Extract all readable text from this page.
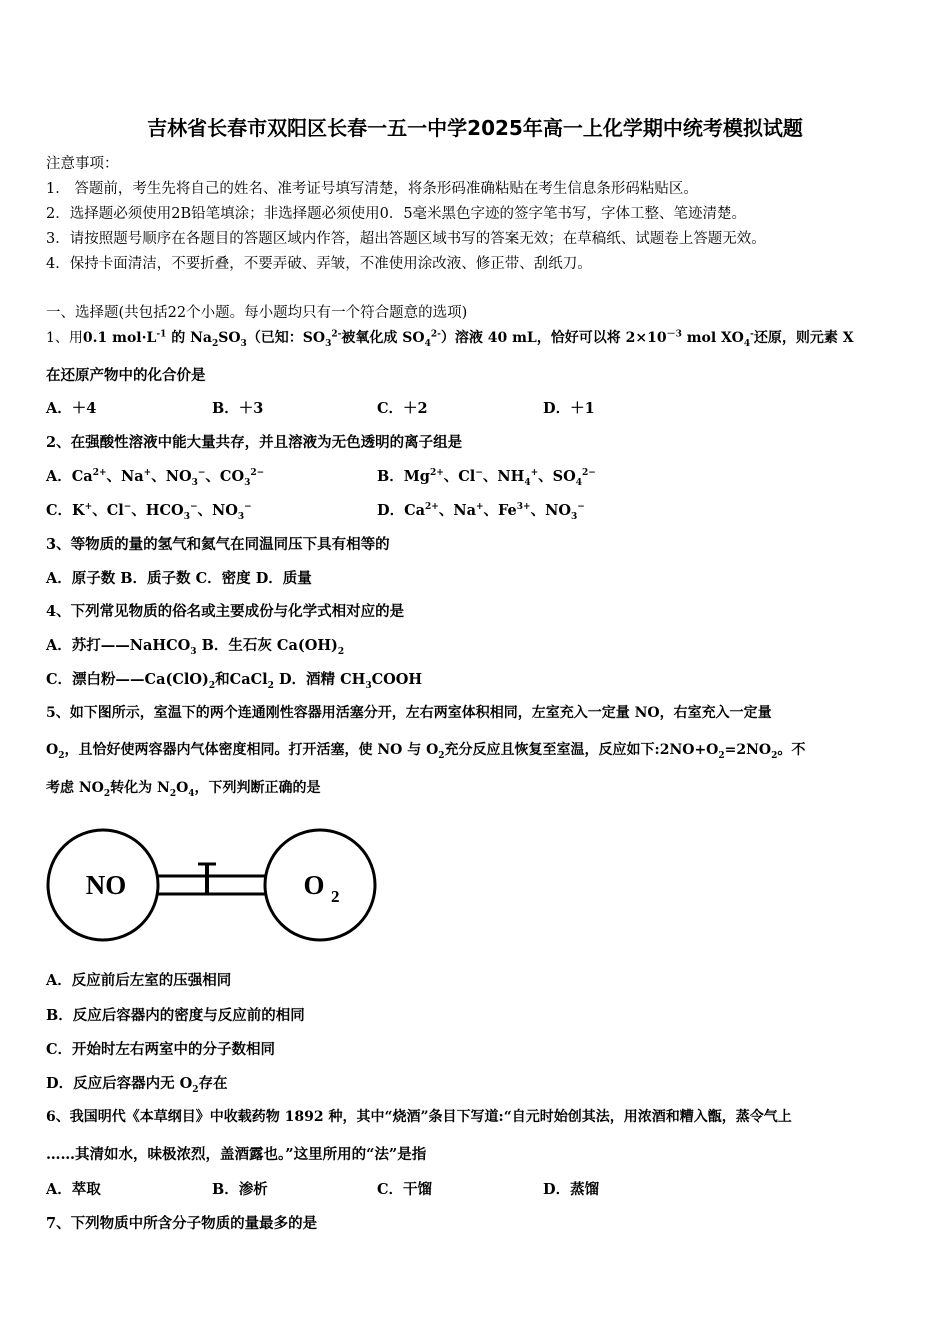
吉林省长春市双阳区长春一五一中学2025年高一上化学期中统考模拟试题
注意事项：
1． 答题前，考生先将自己的姓名、准考证号填写清楚，将条形码准确粘贴在考生信息条形码粘贴区。
2．选择题必须使用2B铅笔填涂；非选择题必须使用0．5毫米黑色字迹的签字笔书写，字体工整、笔迹清楚。
3．请按照题号顺序在各题目的答题区域内作答，超出答题区域书写的答案无效；在草稿纸、试题卷上答题无效。
4．保持卡面清洁，不要折叠，不要弄破、弄皱，不准使用涂改液、修正带、刮纸刀。
一、选择题(共包括22个小题。每小题均只有一个符合题意的选项)
1、用0.1 $mol\cdot L^{-1}$ 的 $Na_2SO_3$（已知：$SO_3^{2-}$被氧化成 $SO_4^{2-}$）溶液 40 mL，恰好可以将 $2\times 10^{-3}$ mol $XO_4^-$还原，则元素 X
在还原产物中的化合价是
A．＋4	B．＋3	C．＋2	D．＋1
2、在强酸性溶液中能大量共存，并且溶液为无色透明的离子组是
A．$Ca^{2+}$、Na+、$NO_3^-$、$CO_3^{2-}$	B．$Mg^{2+}$、Cl−、$NH_4^+$、$SO_4^{2-}$
C．K+、Cl−、$HCO_3^-$、$NO_3^-$	D．$Ca^{2+}$、Na+、$Fe^{3+}$、$NO_3^-$
3、等物质的量的氢气和氦气在同温同压下具有相等的
A．原子数 B．质子数 C．密度 D．质量
4、下列常见物质的俗名或主要成份与化学式相对应的是
A．苏打——NaHCO$_3$ B．生石灰 $Ca(OH)_2$
C．漂白粉$——Ca(ClO)_2$和CaCl$_2$ D．酒精 $CH_3COOH$
5、如下图所示，室温下的两个连通刚性容器用活塞分开，左右两室体积相同，左室充入一定量 NO，右室充入一定量
$O_2$，且恰好使两容器内气体密度相同。打开活塞，使 NO 与 $O_2$充分反应且恢复至室温，反应如下$:2NO+O_2=2NO_2$。不
考虑 $NO_2$转化为 $N_2O_4$，下列判断正确的是
NO	O 2
A．反应前后左室的压强相同
B．反应后容器内的密度与反应前的相同
C．开始时左右两室中的分子数相同
D．反应后容器内无 $O_2$存在
6、我国明代《本草纲目》中收载药物 1892 种，其中“烧酒”条目下写道:“自元时始创其法，用浓酒和糟入甑，蒸令气上
……其清如水，味极浓烈，盖酒露也。”这里所用的“法”是指
A．萃取	B．渗析	C．干馏	D．蒸馏
7、下列物质中所含分子物质的量最多的是
